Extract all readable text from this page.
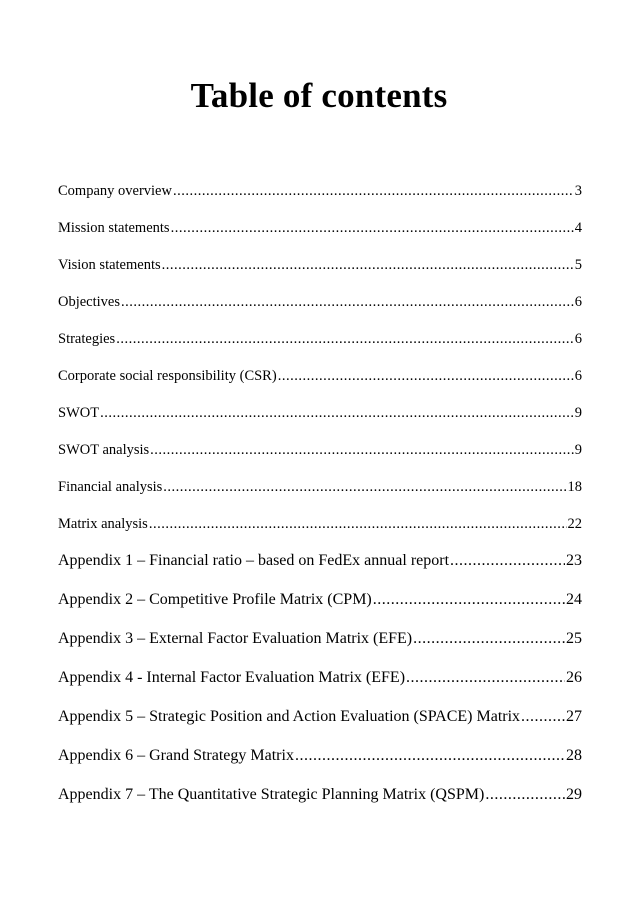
Table of contents
Company overview .....	3
Mission statements .....	4
Vision statements .....	5
Objectives .....	6
Strategies .....	6
Corporate social responsibility (CSR) .....	6
SWOT .....	9
SWOT analysis .....	9
Financial analysis .....	18
Matrix analysis .....	22
Appendix 1 – Financial ratio – based on FedEx annual report .....	23
Appendix 2 – Competitive Profile Matrix (CPM) .....	24
Appendix 3 – External Factor Evaluation Matrix (EFE) .....	25
Appendix 4 - Internal Factor Evaluation Matrix (EFE) .....	26
Appendix 5 – Strategic Position and Action Evaluation (SPACE) Matrix .....	27
Appendix 6 – Grand Strategy Matrix .....	28
Appendix 7 – The Quantitative Strategic Planning Matrix (QSPM) .....	29
